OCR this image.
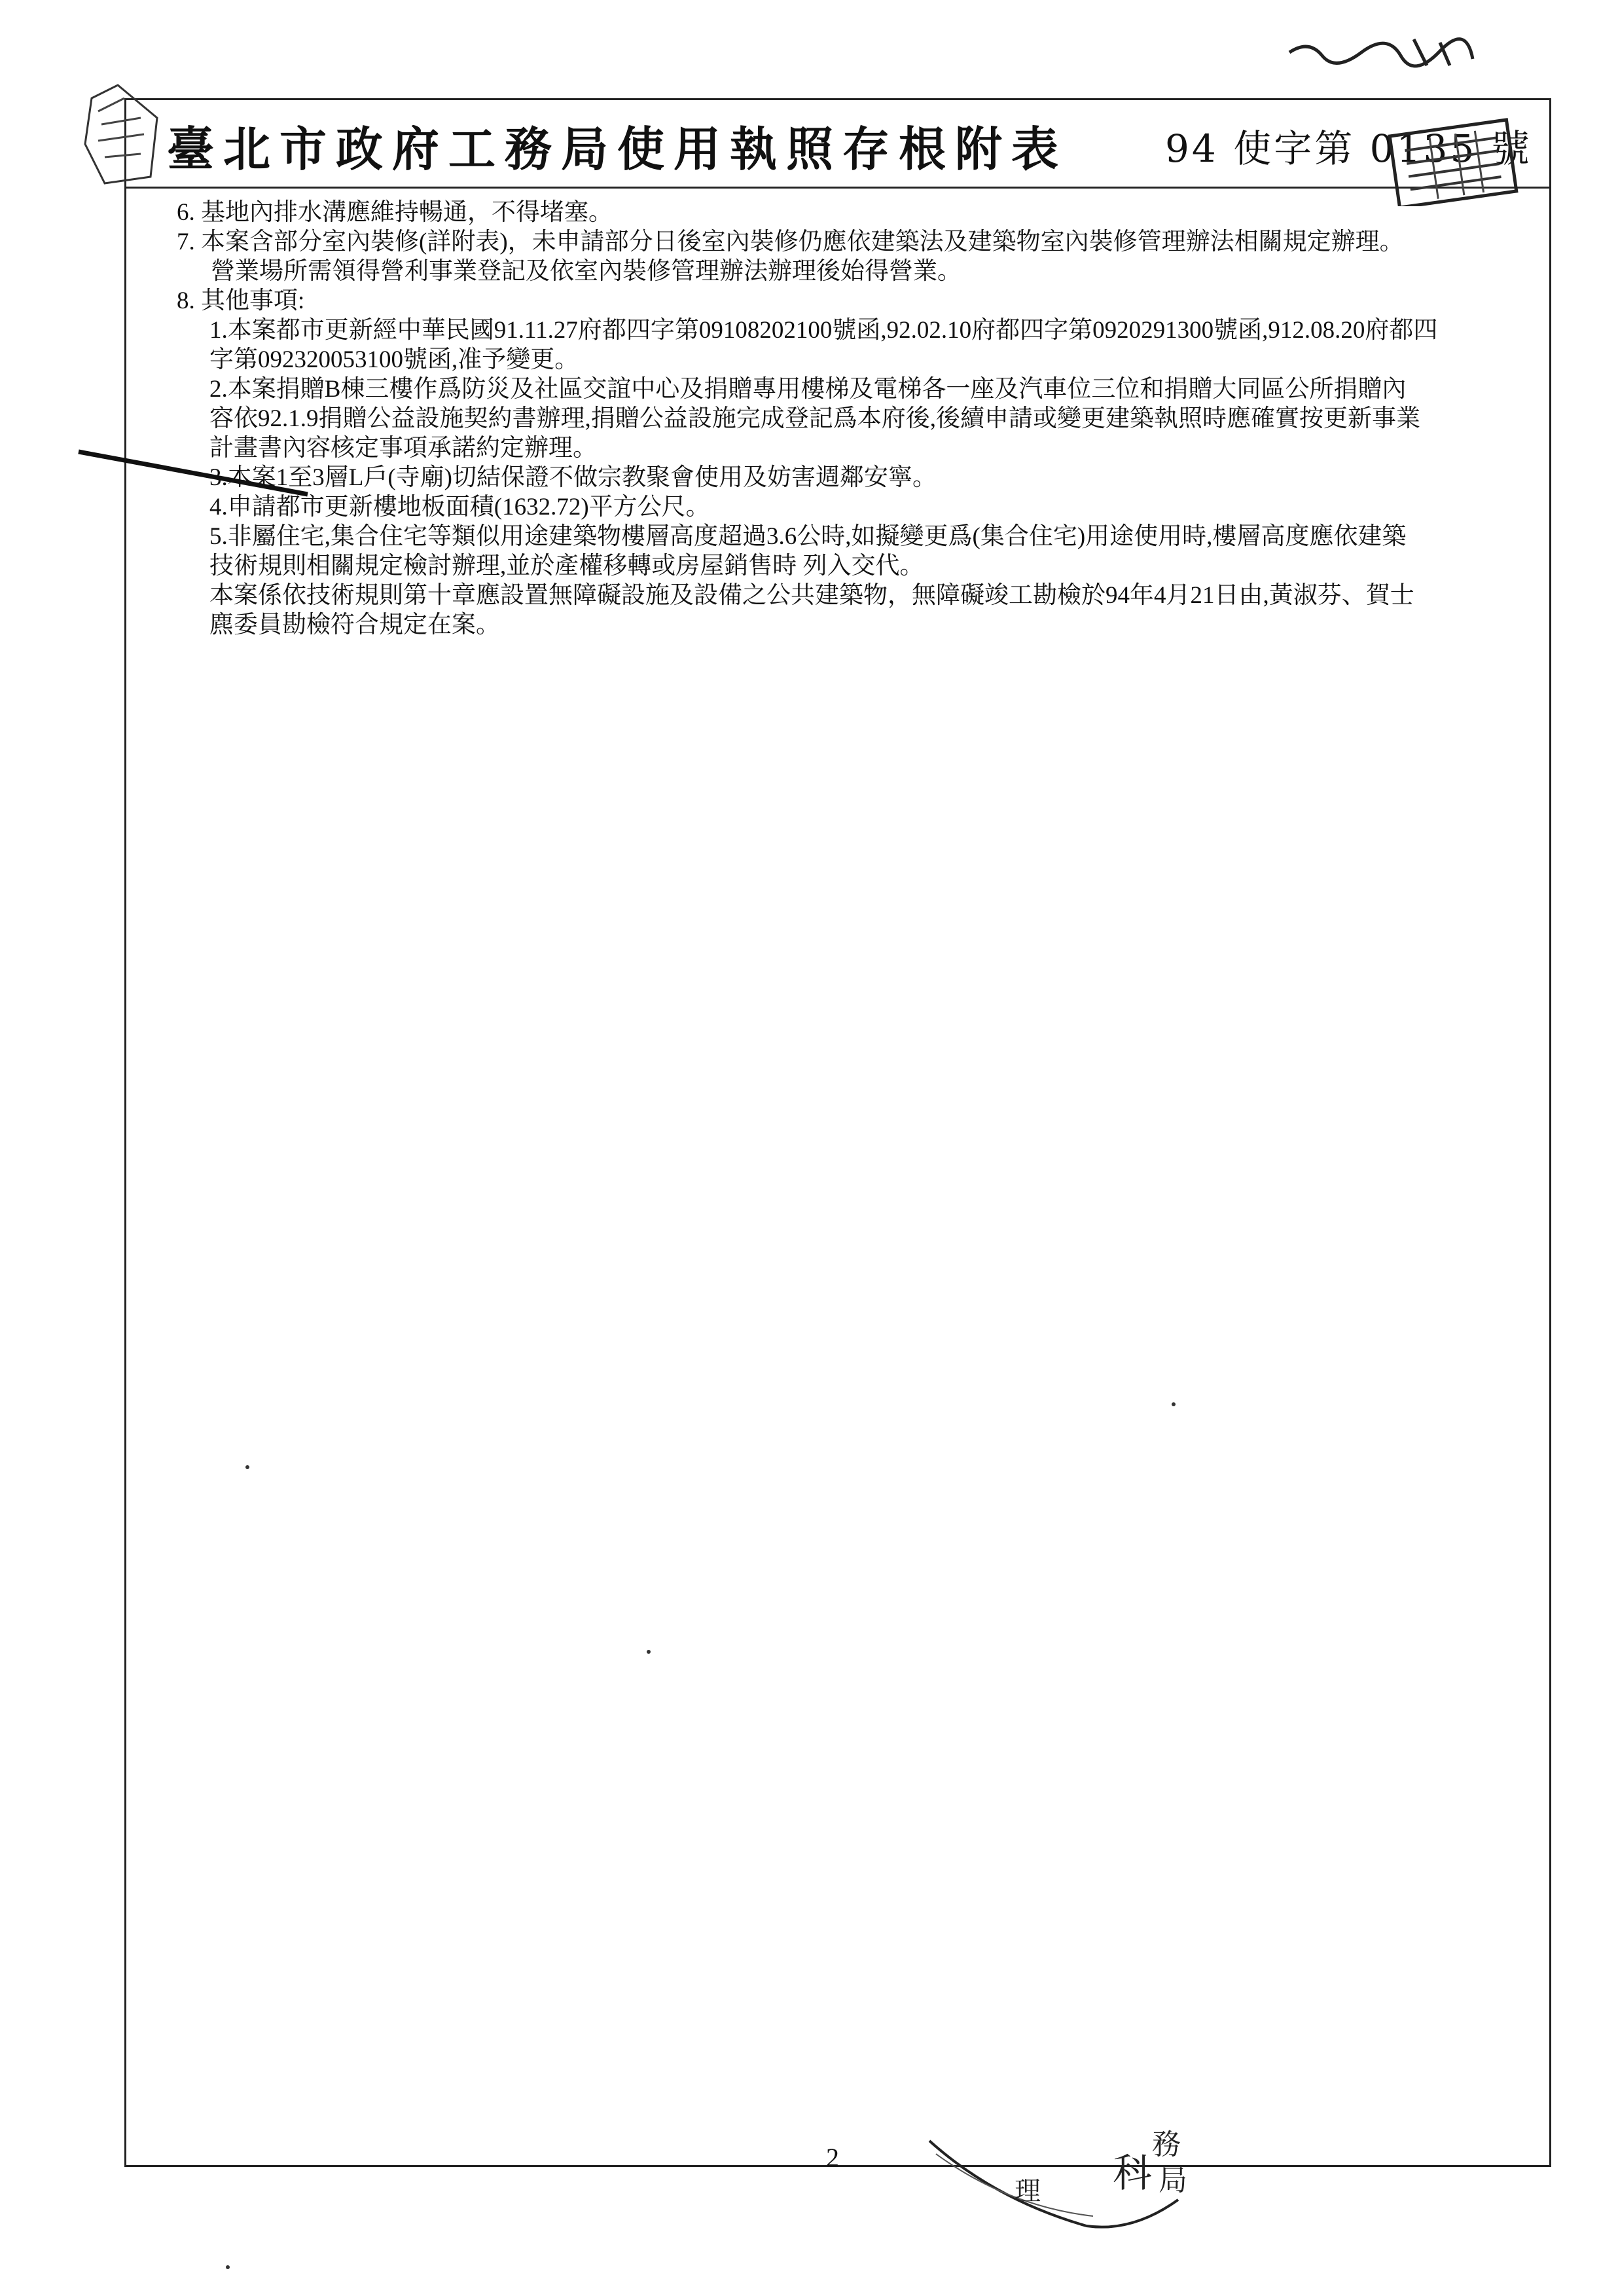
臺北市政府工務局使用執照存根附表	94 使字第 0135 號
科
務
局
理
6. 基地內排水溝應維持暢通，不得堵塞。
7. 本案含部分室內裝修(詳附表)，未申請部分日後室內裝修仍應依建築法及建築物室內裝修管理辦法相關規定辦理。
營業場所需領得營利事業登記及依室內裝修管理辦法辦理後始得營業。
8. 其他事項:
1.本案都市更新經中華民國91.11.27府都四字第09108202100號函,92.02.10府都四字第0920291300號函,912.08.20府都四
字第092320053100號函,准予變更。
2.本案捐贈B棟三樓作爲防災及社區交誼中心及捐贈專用樓梯及電梯各一座及汽車位三位和捐贈大同區公所捐贈內
容依92.1.9捐贈公益設施契約書辦理,捐贈公益設施完成登記爲本府後,後續申請或變更建築執照時應確實按更新事業
計畫書內容核定事項承諾約定辦理。
3.本案1至3層L戶(寺廟)切結保證不做宗教聚會使用及妨害週鄰安寧。
4.申請都市更新樓地板面積(1632.72)平方公尺。
5.非屬住宅,集合住宅等類似用途建築物樓層高度超過3.6公時,如擬變更爲(集合住宅)用途使用時,樓層高度應依建築
技術規則相關規定檢討辦理,並於產權移轉或房屋銷售時 列入交代。
本案係依技術規則第十章應設置無障礙設施及設備之公共建築物，無障礙竣工勘檢於94年4月21日由,黃淑芬、賀士
麃委員勘檢符合規定在案。
2
